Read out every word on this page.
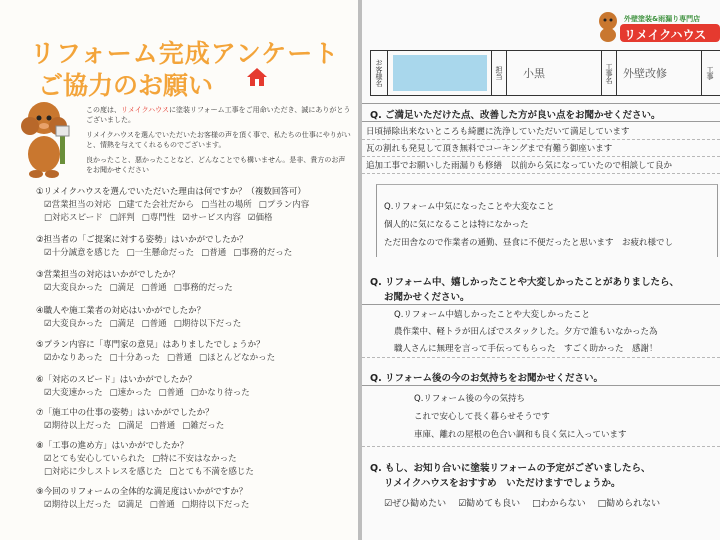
リフォーム完成アンケート
ご協力のお願い

この度は、リメイクハウスに塗装リフォーム工事をご用命いただき、誠にありがとうございました。

リメイクハウスを選んでいただいたお客様の声を頂く事で、私たちの仕事にやりがいと、情熱を与えてくれるものでございます。

良かったこと、悪かったことなど、どんなことでも構いません。是非、貴方のお声をお聞かせください

①リメイクハウスを選んでいただいた理由は何ですか？（複数回答可）
☑営業担当の対応 □建てた会社だから □当社の場所 □プラン内容
□対応スピード □評判 □専門性 ☑サービス内容 ☑価格
②担当者の「ご提案に対する姿勢」はいかがでしたか？
☑十分誠意を感じた □一生懸命だった □普通 □事務的だった
③営業担当の対応はいかがでしたか？
☑大変良かった □満足 □普通 □事務的だった
④職人や施工業者の対応はいかがでしたか？
☑大変良かった □満足 □普通 □期待以下だった
⑤プラン内容に「専門家の意見」はありましたでしょうか？
☑かなりあった □十分あった □普通 □ほとんどなかった
⑥「対応のスピード」はいかがでしたか？
☑大変速かった □速かった □普通 □かなり待った
⑦「施工中の仕事の姿勢」はいかがでしたか？
☑期待以上だった □満足 □普通 □雑だった
⑧「工事の進め方」はいかがでしたか？
☑とても安心していられた □特に不安はなかった
□対応に少しストレスを感じた □とても不満を感じた
⑨今回のリフォームの全体的な満足度はいかがですか？
☑期待以上だった ☑満足 □普通 □期待以下だった
外壁塗装&雨漏り専門店
リメイクハウス
お客様名	担当	小黒	工事名 外壁改修	工事
Q. ご満足いただけた点、改善した方が良い点をお聞かせください。
日頃掃除出来ないところも綺麗に洗浄していただいて満足しています
瓦の割れも発見して頂き無料でコーキングまで有難う御座います
追加工事でお願いした雨漏りも修繕　以前から気になっていたので相談して良か
Q.リフォーム中気になったことや大変なこと
個人的に気になることは特になかった
ただ田舎なので作業者の通勤、昼食に不便だったと思います　お疲れ様でし
Q. リフォーム中、嬉しかったことや大変しかったことがありましたら、
お聞かせください。
Q.リフォーム中嬉しかったことや大変しかったこと
農作業中、軽トラが田んぼでスタックした。夕方で誰もいなかった為
職人さんに無理を言って手伝ってもらった　すごく助かった　感謝！
Q. リフォーム後の今のお気持ちをお聞かせください。
Q.リフォーム後の今の気持ち
これで安心して長く暮らせそうです
車庫、離れの屋根の色合い調和も良く気に入っています
Q. もし、お知り合いに塗装リフォームの予定がございましたら、
リメイクハウスをおすすめ　いただけますでしょうか。
☑ぜひ勧めたい ☑勧めても良い □わからない □勧められない
